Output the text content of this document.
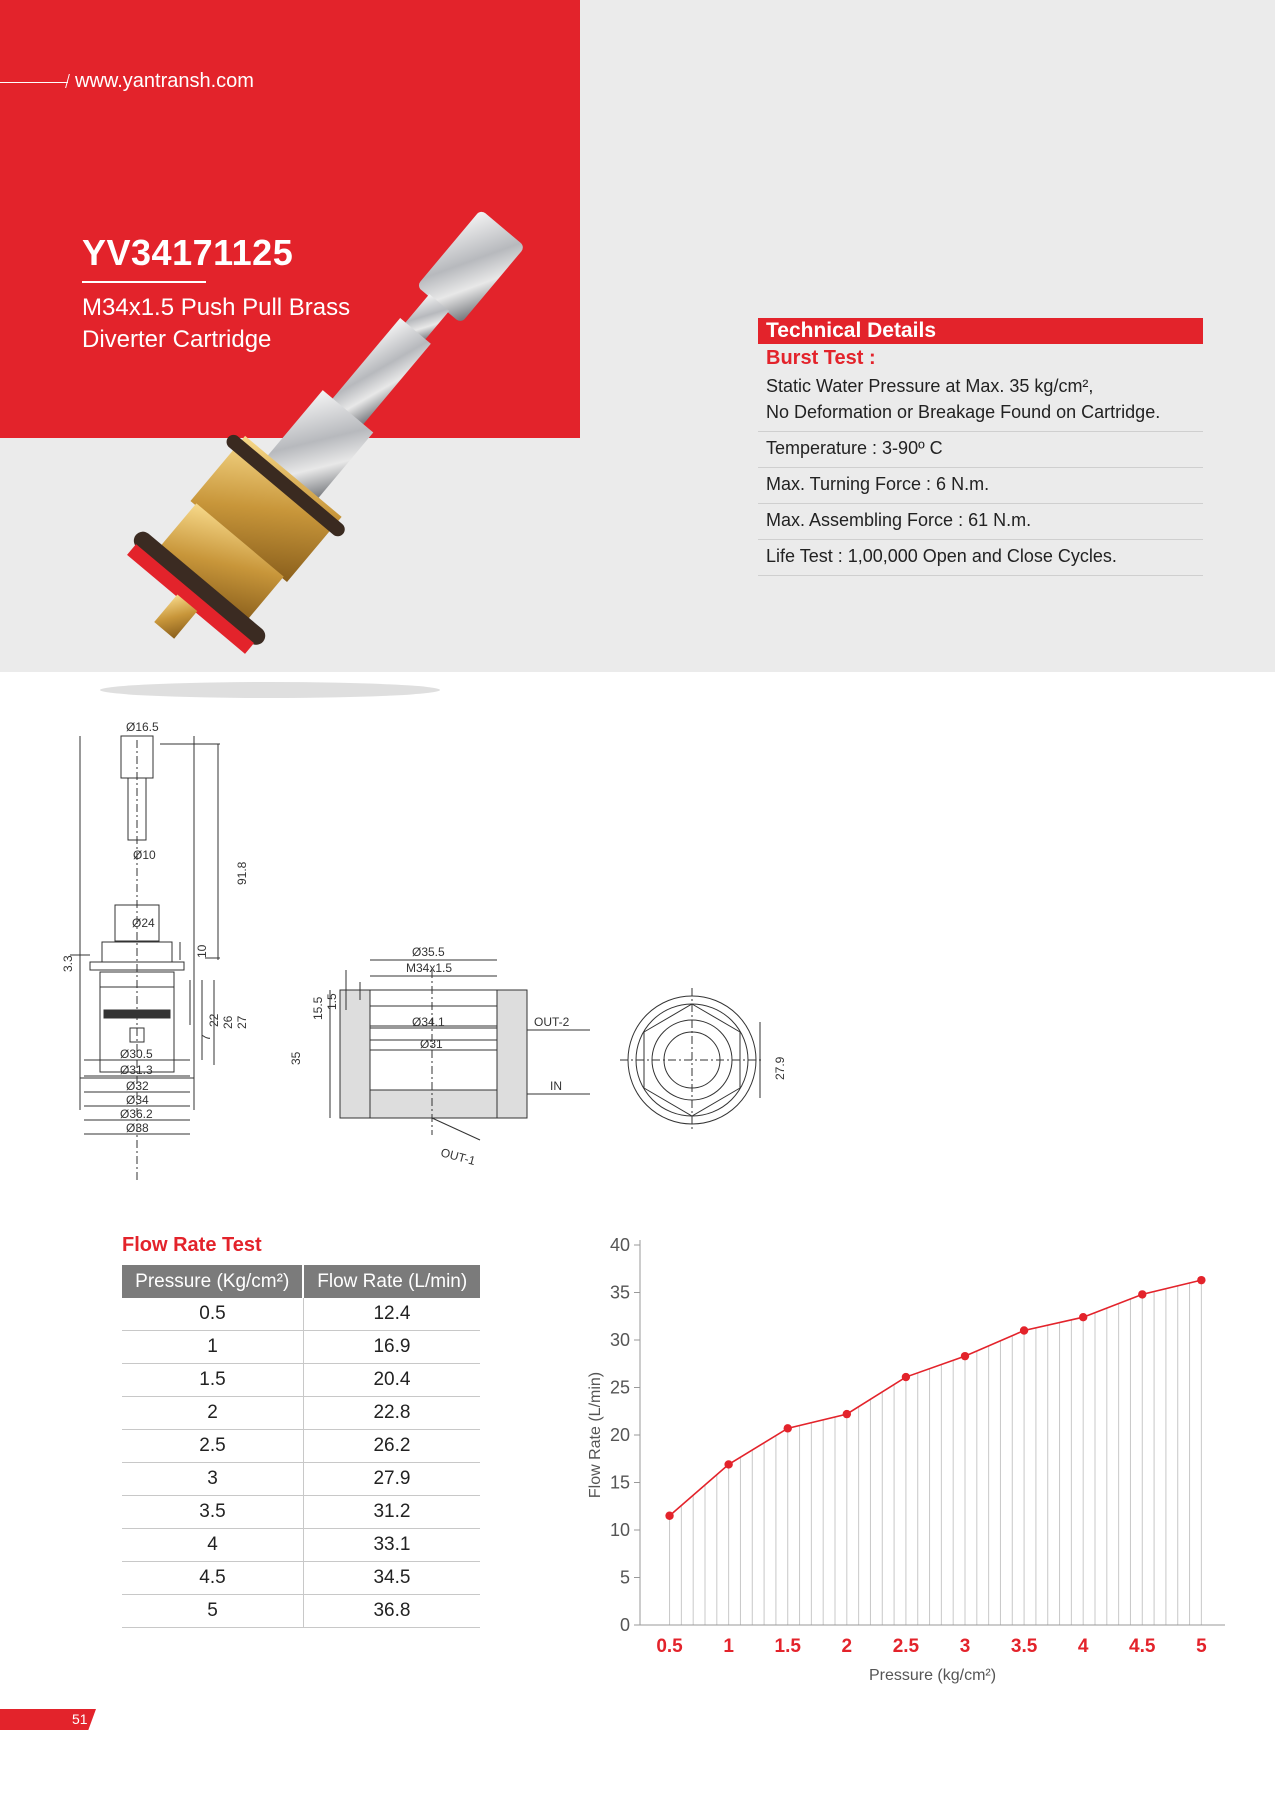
www.yantransh.com
YV34171125
M34x1.5 Push Pull Brass
Diverter Cartridge	Technical Details
Burst Test :
Static Water Pressure at Max. 35 kg/cm²,
No Deformation or Breakage Found on Cartridge.
Temperature : 3-90º C
Max. Turning Force : 6 N.m.
Max. Assembling Force : 61 N.m.
Life Test : 1,00,000 Open and Close Cycles.
Ø16.5
Ø10
Ø24
91.8
10
3.3
7
22 26 27
Ø30.5
Ø31.3
Ø32
Ø34
Ø36.2
Ø38
Ø35.5
M34x1.5
Ø34.1
Ø31
15.5 1.5
35
OUT-2
IN
OUT-1
27.9
Flow Rate Test
Pressure (Kg/cm²)	Flow Rate (L/min)
0.5	12.4
1	16.9
1.5	20.4
2	22.8
2.5	26.2
3	27.9
3.5	31.2
4	33.1
4.5	34.5
5	36.8
0
5
10
15
20
25
30
35
40
0.5 1 1.5 2 2.5 3 3.5 4 4.5 5
Flow Rate (L/min)
Pressure (kg/cm²)
51
